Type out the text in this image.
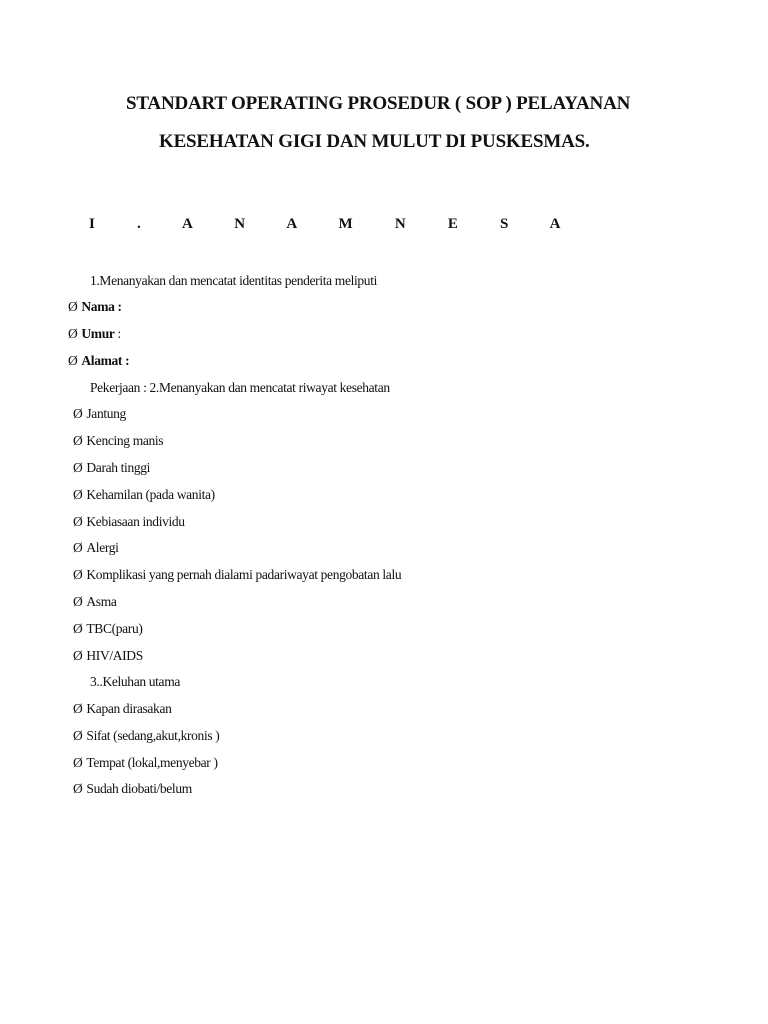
STANDART OPERATING PROSEDUR ( SOP ) PELAYANAN
KESEHATAN GIGI DAN MULUT DI PUSKESMAS.
I . A N A M N E S A
1.Menanyakan dan mencatat identitas penderita meliputi
Ø Nama :
Ø Umur :
Ø Alamat :
Pekerjaan : 2.Menanyakan dan mencatat riwayat kesehatan
Ø Jantung
Ø Kencing manis
Ø Darah tinggi
Ø Kehamilan (pada wanita)
Ø Kebiasaan individu
Ø Alergi
Ø Komplikasi yang pernah dialami padariwayat pengobatan lalu
Ø Asma
Ø TBC(paru)
Ø HIV/AIDS
3..Keluhan utama
Ø Kapan dirasakan
Ø Sifat (sedang,akut,kronis )
Ø Tempat (lokal,menyebar )
Ø Sudah diobati/belum
